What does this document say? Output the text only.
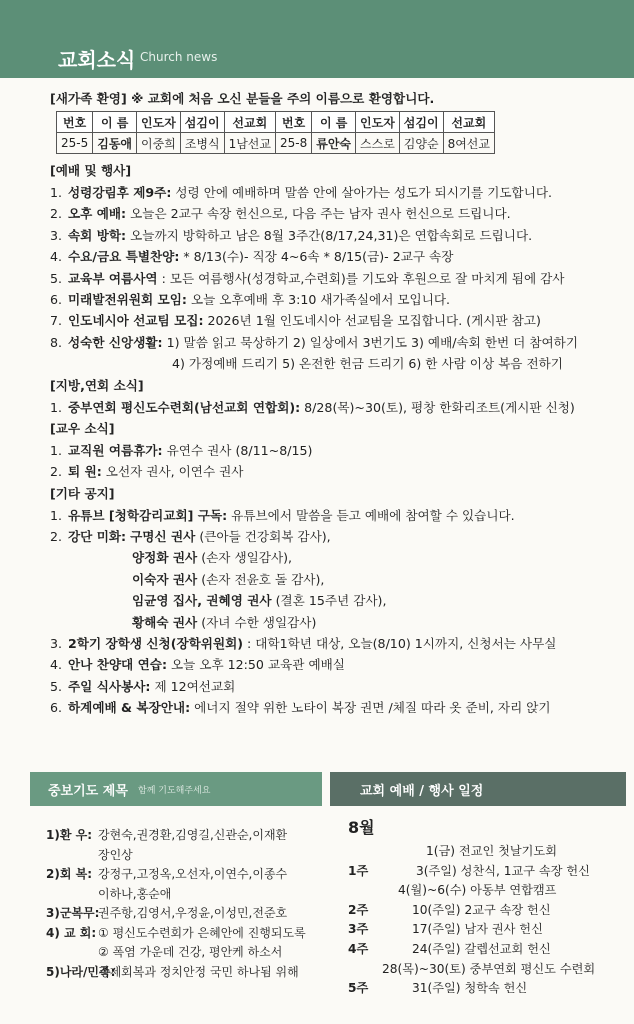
교회소식 Church news
[새가족 환영] ※ 교회에 처음 오신 분들을 주의 이름으로 환영합니다.
번호	이 름	인도자	섬김이	선교회	번호	이 름	인도자	섬김이	선교회
25-5	김동애	이중희	조병식	1남선교	25-8	류안숙	스스로	김양순	8여선교
[예배 및 행사]
1. 성령강림후 제9주: 성령 안에 예배하며 말씀 안에 살아가는 성도가 되시기를 기도합니다.
2. 오후 예배: 오늘은 2교구 속장 헌신으로, 다음 주는 남자 권사 헌신으로 드립니다.
3. 속회 방학: 오늘까지 방학하고 남은 8월 3주간(8/17,24,31)은 연합속회로 드립니다.
4. 수요/금요 특별찬양: * 8/13(수)- 직장 4~6속 * 8/15(금)- 2교구 속장
5. 교육부 여름사역 : 모든 여름행사(성경학교,수련회)를 기도와 후원으로 잘 마치게 됨에 감사
6. 미래발전위원회 모임: 오늘 오후예배 후 3:10 새가족실에서 모입니다.
7. 인도네시아 선교팀 모집: 2026년 1월 인도네시아 선교팀을 모집합니다. (게시판 참고)
8. 성숙한 신앙생활: 1) 말씀 읽고 묵상하기 2) 일상에서 3번기도 3) 예배/속회 한번 더 참여하기
4) 가정예배 드리기 5) 온전한 헌금 드리기 6) 한 사람 이상 복음 전하기
[지방,연회 소식]
1. 중부연회 평신도수련회(남선교회 연합회): 8/28(목)~30(토), 평창 한화리조트(게시판 신청)
[교우 소식]
1. 교직원 여름휴가: 유연수 권사 (8/11~8/15)
2. 퇴 원: 오선자 권사, 이연수 권사
[기타 공지]
1. 유튜브 [청학감리교회] 구독: 유튜브에서 말씀을 듣고 예배에 참여할 수 있습니다.
2. 강단 미화: 구명신 권사 (큰아들 건강회복 감사),
양정화 권사 (손자 생일감사),
이숙자 권사 (손자 전윤호 돌 감사),
임균영 집사, 권혜영 권사 (결혼 15주년 감사),
황해숙 권사 (자녀 수한 생일감사)
3. 2학기 장학생 신청(장학위원회) : 대학1학년 대상, 오늘(8/10) 1시까지, 신청서는 사무실
4. 안나 찬양대 연습: 오늘 오후 12:50 교육관 예배실
5. 주일 식사봉사: 제 12여선교회
6. 하계예배 & 복장안내: 에너지 절약 위한 노타이 복장 권면 /체질 따라 옷 준비, 자리 앉기
중보기도 제목 함께 기도해주세요	교회 예배 / 행사 일정
1)환 우: 강현숙,권경환,김영길,신관순,이재환
장인상
2)회 복: 강정구,고정옥,오선자,이연수,이종수
이하나,홍순애
3)군복무:권주항,김영서,우정윤,이성민,전준호
4) 교 회: ① 평신도수련회가 은혜안에 진행되도록
② 폭염 가운데 건강, 평안케 하소서
5)나라/민족:경제회복과 정치안정 국민 하나됨 위해
8월
1(금) 전교인 첫날기도회
1주	3(주일) 성찬식, 1교구 속장 헌신
4(월)~6(수) 아동부 연합캠프
2주	10(주일) 2교구 속장 헌신
3주	17(주일) 남자 권사 헌신
4주	24(주일) 갈렙선교회 헌신
28(목)~30(토) 중부연회 평신도 수련회
5주	31(주일) 청학속 헌신
